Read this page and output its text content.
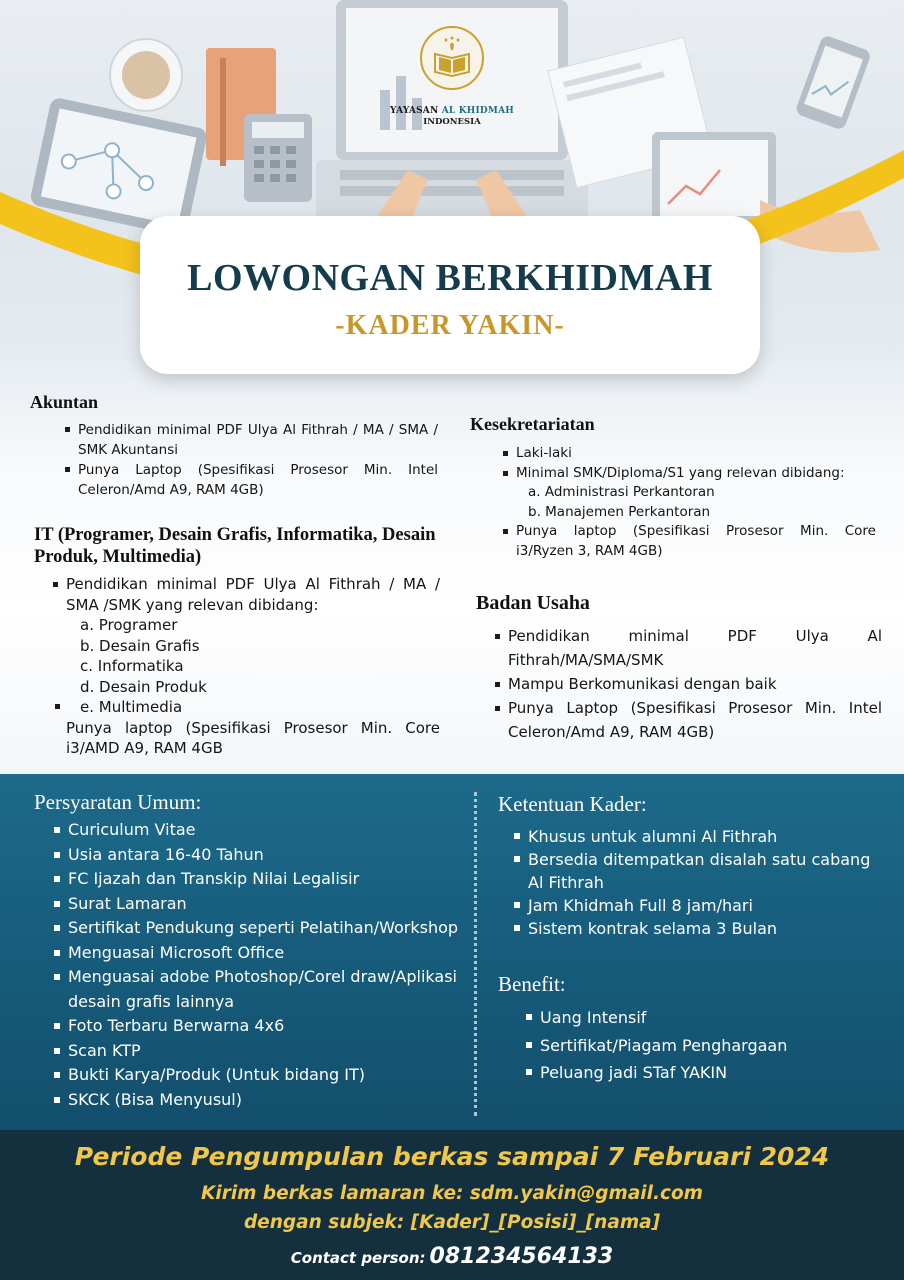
YAYASAN AL KHIDMAH
INDONESIA
LOWONGAN BERKHIDMAH
-KADER YAKIN-
Akuntan
Pendidikan minimal PDF Ulya Al Fithrah / MA / SMA / SMK Akuntansi
Punya Laptop (Spesifikasi Prosesor Min. Intel Celeron/Amd A9, RAM 4GB)
IT (Programer, Desain Grafis, Informatika, Desain Produk, Multimedia)
Pendidikan minimal PDF Ulya Al Fithrah / MA / SMA /SMK yang relevan dibidang:
a. Programer
b. Desain Grafis
c. Informatika
d. Desain Produk
e. Multimedia
Punya laptop (Spesifikasi Prosesor Min. Core i3/AMD A9, RAM 4GB
Kesekretariatan
Laki-laki
Minimal SMK/Diploma/S1 yang relevan dibidang:
a. Administrasi Perkantoran
b. Manajemen Perkantoran
Punya laptop (Spesifikasi Prosesor Min. Core i3/Ryzen 3, RAM 4GB)
Badan Usaha
Pendidikan minimal PDF Ulya Al Fithrah/MA/SMA/SMK
Mampu Berkomunikasi dengan baik
Punya Laptop (Spesifikasi Prosesor Min. Intel Celeron/Amd A9, RAM 4GB)
Persyaratan Umum:
Curiculum Vitae
Usia antara 16-40 Tahun
FC Ijazah dan Transkip Nilai Legalisir
Surat Lamaran
Sertifikat Pendukung seperti Pelatihan/Workshop
Menguasai Microsoft Office
Menguasai adobe Photoshop/Corel draw/Aplikasi desain grafis lainnya
Foto Terbaru Berwarna 4x6
Scan KTP
Bukti Karya/Produk (Untuk bidang IT)
SKCK (Bisa Menyusul)
Ketentuan Kader:
Khusus untuk alumni Al Fithrah
Bersedia ditempatkan disalah satu cabang Al Fithrah
Jam Khidmah Full 8 jam/hari
Sistem kontrak selama 3 Bulan
Benefit:
Uang Intensif
Sertifikat/Piagam Penghargaan
Peluang jadi STaf YAKIN
Periode Pengumpulan berkas sampai 7 Februari 2024
Kirim berkas lamaran ke: sdm.yakin@gmail.com
dengan subjek: [Kader]_[Posisi]_[nama]
Contact person: 081234564133
